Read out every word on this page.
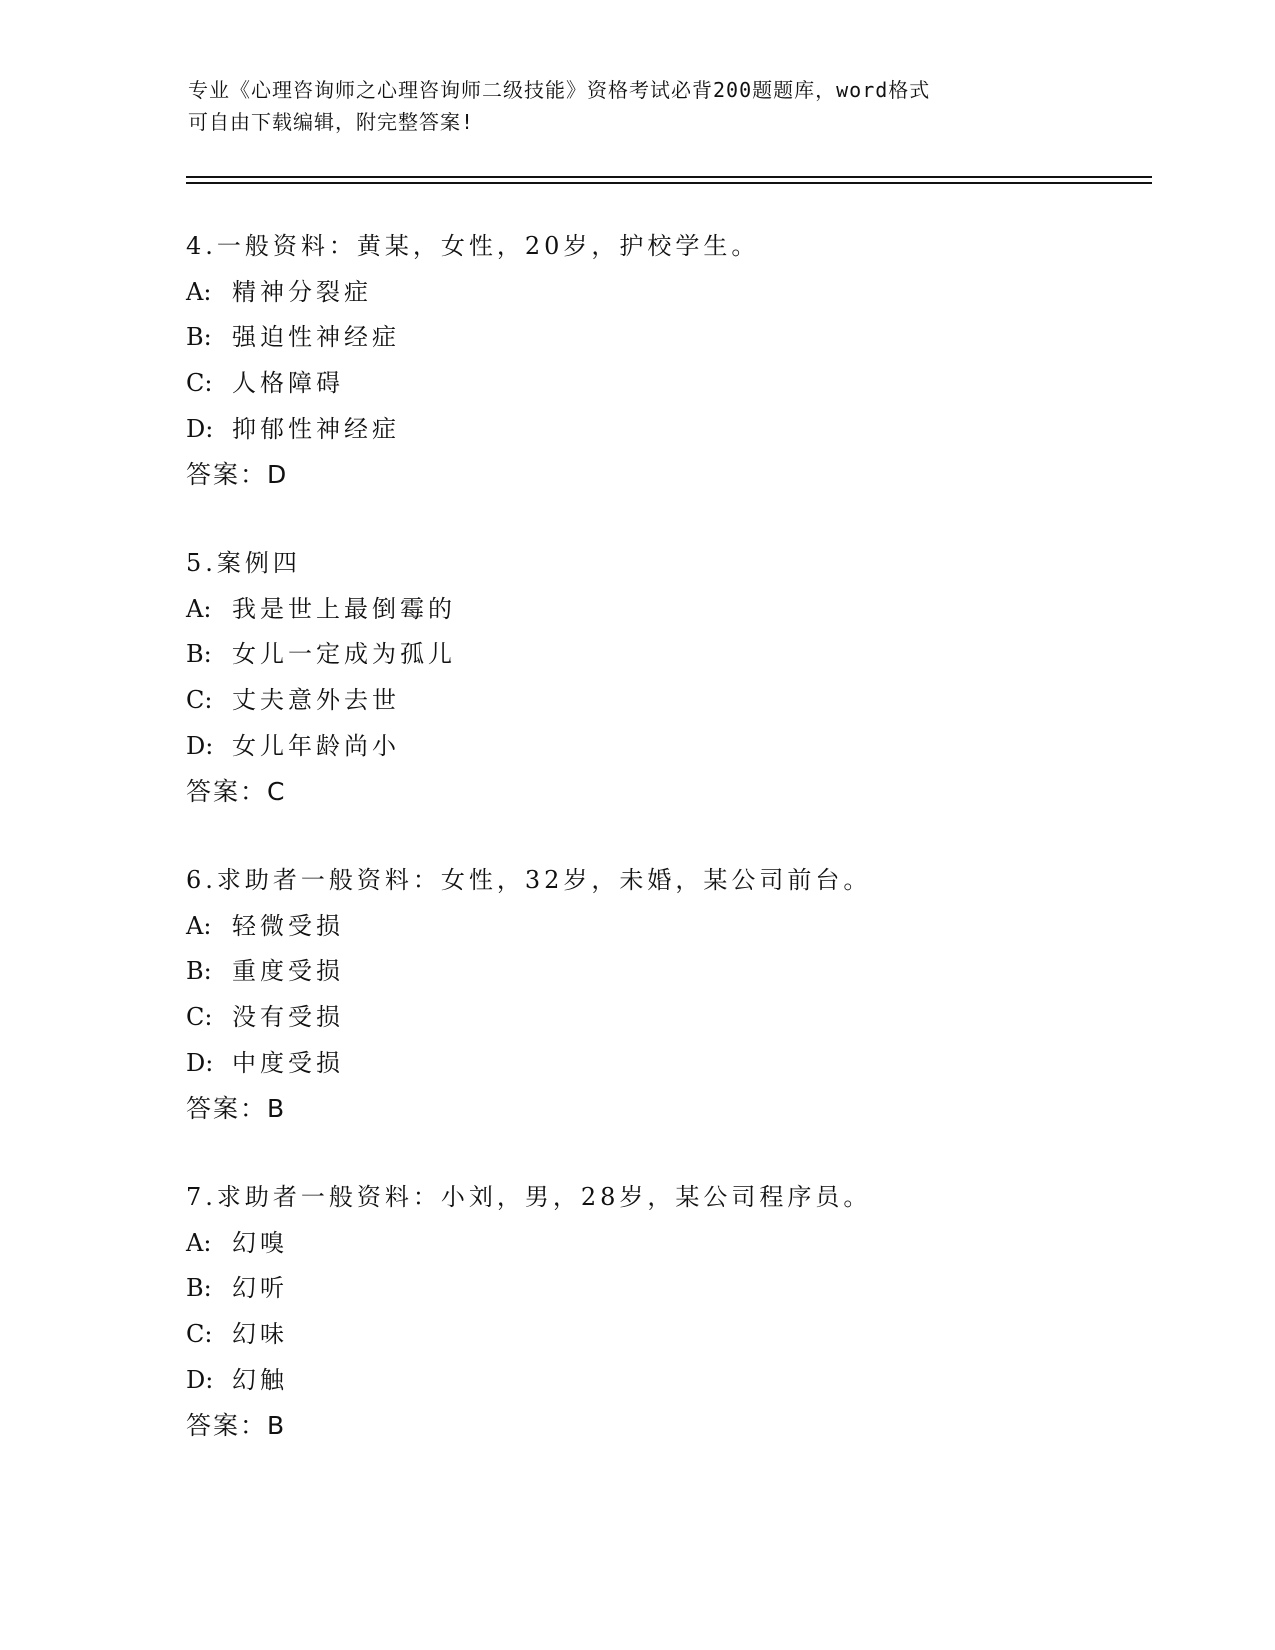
专业《心理咨询师之心理咨询师二级技能》资格考试必背200题题库，word格式
可自由下载编辑，附完整答案!
4.一般资料：黄某，女性，20岁，护校学生。
A: 精神分裂症
B: 强迫性神经症
C: 人格障碍
D: 抑郁性神经症
答案：D
5.案例四
A: 我是世上最倒霉的
B: 女儿一定成为孤儿
C: 丈夫意外去世
D: 女儿年龄尚小
答案：C
6.求助者一般资料：女性，32岁，未婚，某公司前台。
A: 轻微受损
B: 重度受损
C: 没有受损
D: 中度受损
答案：B
7.求助者一般资料：小刘，男，28岁，某公司程序员。
A: 幻嗅
B: 幻听
C: 幻味
D: 幻触
答案：B
